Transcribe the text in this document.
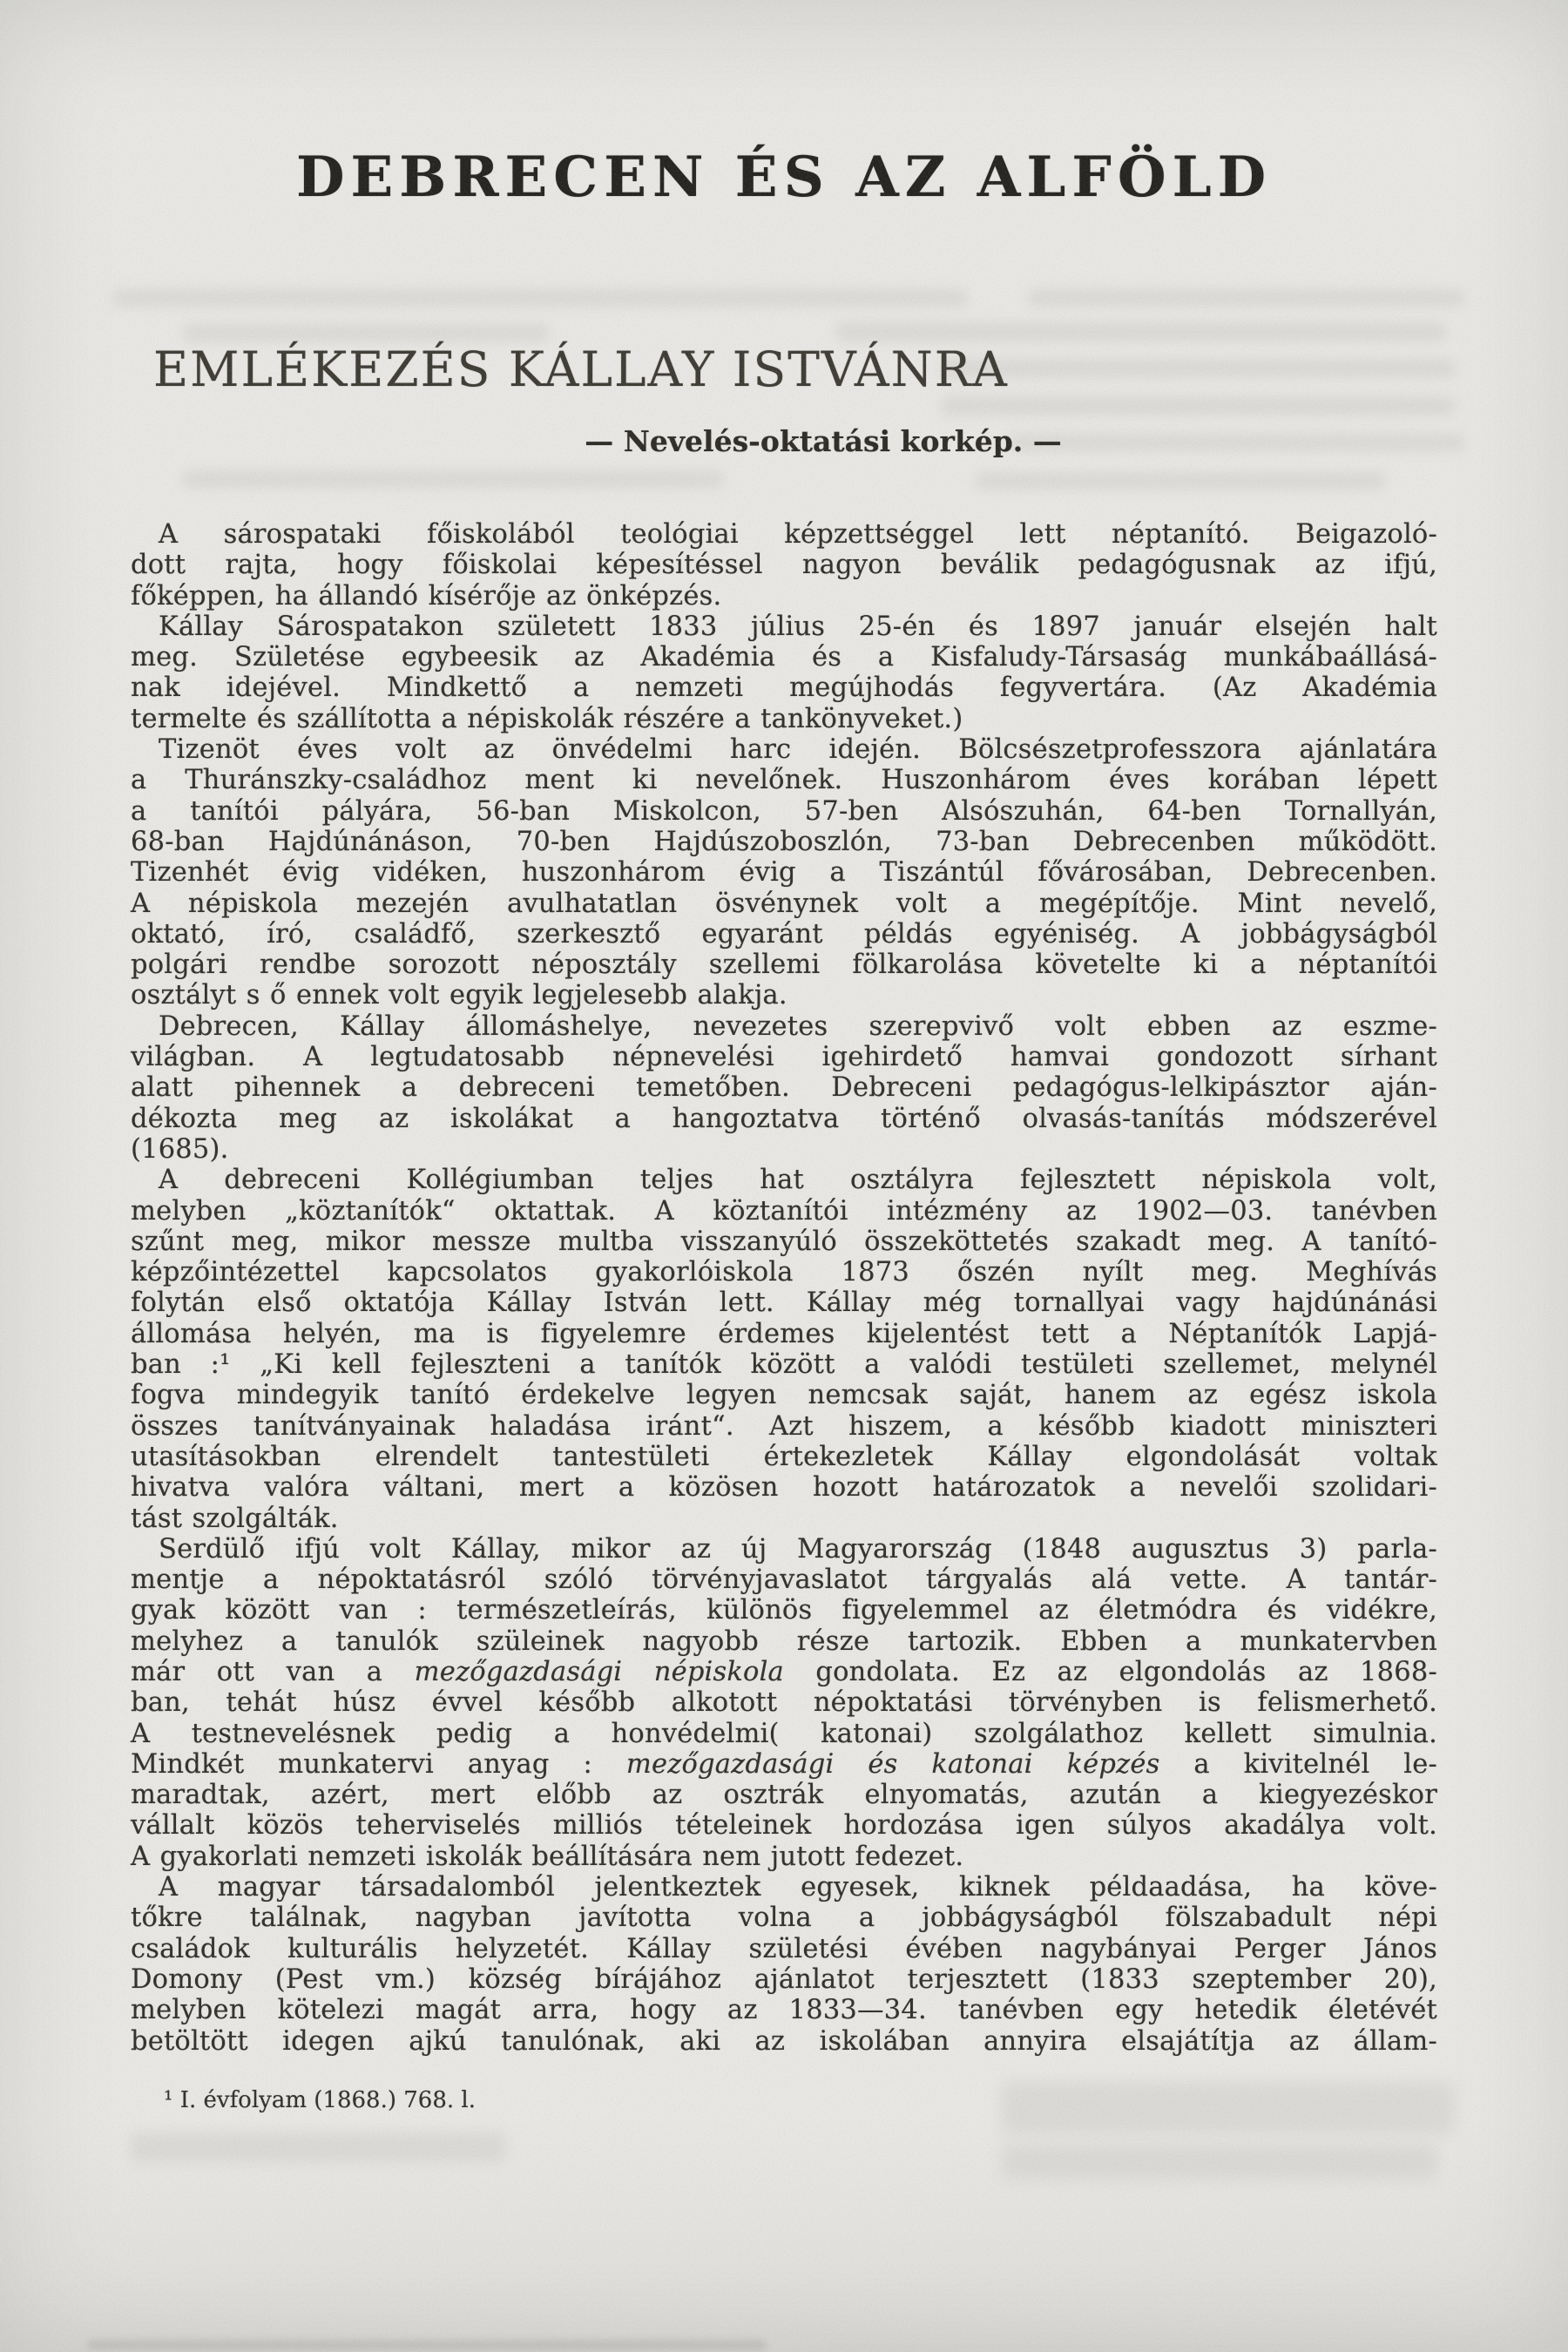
DEBRECEN ÉS AZ ALFÖLD
EMLÉKEZÉS KÁLLAY ISTVÁNRA
— Nevelés-oktatási korkép. —
A sárospataki főiskolából teológiai képzettséggel lett néptanító. Beigazoló-
dott rajta, hogy főiskolai képesítéssel nagyon beválik pedagógusnak az ifjú,
főképpen, ha állandó kísérője az önképzés.
Kállay Sárospatakon született 1833 július 25-én és 1897 január elsején halt
meg. Születése egybeesik az Akadémia és a Kisfaludy-Társaság munkábaállásá-
nak idejével. Mindkettő a nemzeti megújhodás fegyvertára. (Az Akadémia
termelte és szállította a népiskolák részére a tankönyveket.)
Tizenöt éves volt az önvédelmi harc idején. Bölcsészetprofesszora ajánlatára
a Thuránszky-családhoz ment ki nevelőnek. Huszonhárom éves korában lépett
a tanítói pályára, 56-ban Miskolcon, 57-ben Alsószuhán, 64-ben Tornallyán,
68-ban Hajdúnánáson, 70-ben Hajdúszoboszlón, 73-ban Debrecenben működött.
Tizenhét évig vidéken, huszonhárom évig a Tiszántúl fővárosában, Debrecenben.
A népiskola mezején avulhatatlan ösvénynek volt a megépítője. Mint nevelő,
oktató, író, családfő, szerkesztő egyaránt példás egyéniség. A jobbágyságból
polgári rendbe sorozott néposztály szellemi fölkarolása követelte ki a néptanítói
osztályt s ő ennek volt egyik legjelesebb alakja.
Debrecen, Kállay állomáshelye, nevezetes szerepvivő volt ebben az eszme-
világban. A legtudatosabb népnevelési igehirdető hamvai gondozott sírhant
alatt pihennek a debreceni temetőben. Debreceni pedagógus-lelkipásztor aján-
dékozta meg az iskolákat a hangoztatva történő olvasás-tanítás módszerével
(1685).
A debreceni Kollégiumban teljes hat osztályra fejlesztett népiskola volt,
melyben „köztanítók“ oktattak. A köztanítói intézmény az 1902—03. tanévben
szűnt meg, mikor messze multba visszanyúló összeköttetés szakadt meg. A tanító-
képzőintézettel kapcsolatos gyakorlóiskola 1873 őszén nyílt meg. Meghívás
folytán első oktatója Kállay István lett. Kállay még tornallyai vagy hajdúnánási
állomása helyén, ma is figyelemre érdemes kijelentést tett a Néptanítók Lapjá-
ban :¹ „Ki kell fejleszteni a tanítók között a valódi testületi szellemet, melynél
fogva mindegyik tanító érdekelve legyen nemcsak saját, hanem az egész iskola
összes tanítványainak haladása iránt“. Azt hiszem, a később kiadott miniszteri
utasításokban elrendelt tantestületi értekezletek Kállay elgondolását voltak
hivatva valóra váltani, mert a közösen hozott határozatok a nevelői szolidari-
tást szolgálták.
Serdülő ifjú volt Kállay, mikor az új Magyarország (1848 augusztus 3) parla-
mentje a népoktatásról szóló törvényjavaslatot tárgyalás alá vette. A tantár-
gyak között van : természetleírás, különös figyelemmel az életmódra és vidékre,
melyhez a tanulók szüleinek nagyobb része tartozik. Ebben a munkatervben
már ott van a mezőgazdasági népiskola gondolata. Ez az elgondolás az 1868-
ban, tehát húsz évvel később alkotott népoktatási törvényben is felismerhető.
A testnevelésnek pedig a honvédelmi( katonai) szolgálathoz kellett simulnia.
Mindkét munkatervi anyag : mezőgazdasági és katonai képzés a kivitelnél le-
maradtak, azért, mert előbb az osztrák elnyomatás, azután a kiegyezéskor
vállalt közös teherviselés milliós tételeinek hordozása igen súlyos akadálya volt.
A gyakorlati nemzeti iskolák beállítására nem jutott fedezet.
A magyar társadalomból jelentkeztek egyesek, kiknek példaadása, ha köve-
tőkre találnak, nagyban javította volna a jobbágyságból fölszabadult népi
családok kulturális helyzetét. Kállay születési évében nagybányai Perger János
Domony (Pest vm.) község bírájához ajánlatot terjesztett (1833 szeptember 20),
melyben kötelezi magát arra, hogy az 1833—34. tanévben egy hetedik életévét
betöltött idegen ajkú tanulónak, aki az iskolában annyira elsajátítja az állam-
¹ I. évfolyam (1868.) 768. l.
